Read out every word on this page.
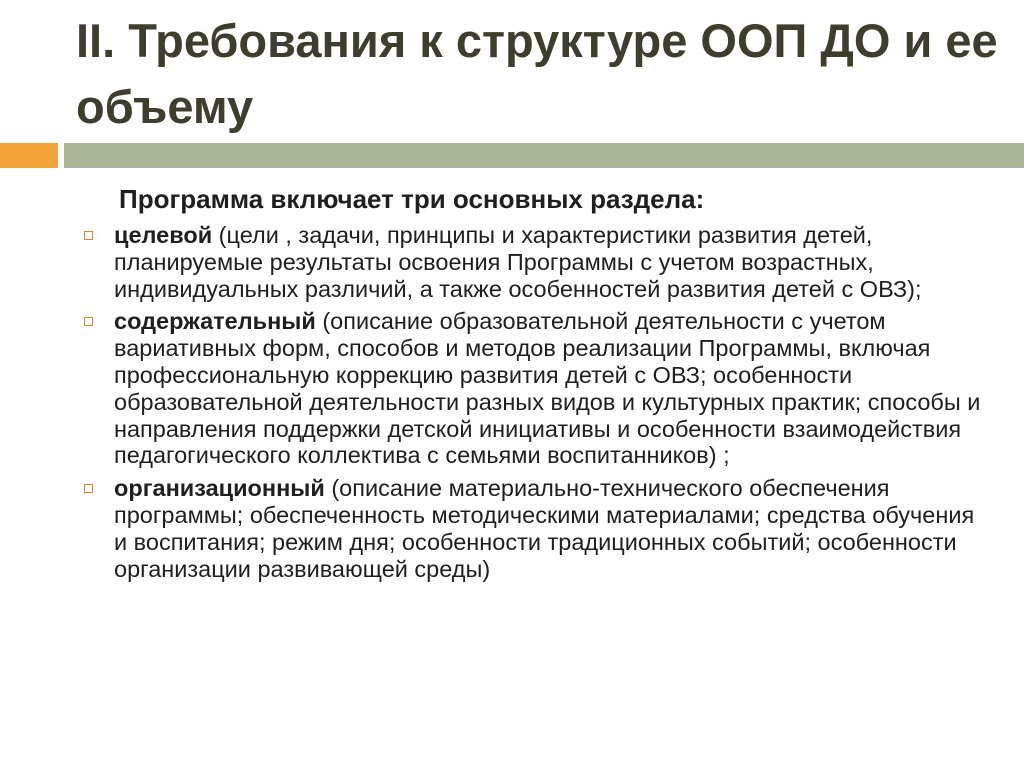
II. Требования к структуре ООП ДО и ее объему
Программа включает три основных раздела:
целевой (цели , задачи, принципы и характеристики развития детей, планируемые результаты освоения Программы с учетом возрастных, индивидуальных различий, а также особенностей развития детей с ОВЗ);
содержательный (описание образовательной деятельности с учетом вариативных форм, способов и методов реализации Программы, включая профессиональную коррекцию развития детей с ОВЗ; особенности образовательной деятельности разных видов и культурных практик; способы и направления поддержки детской инициативы и особенности взаимодействия педагогического коллектива с семьями воспитанников) ;
организационный (описание материально-технического обеспечения программы; обеспеченность методическими материалами; средства обучения и воспитания; режим дня; особенности традиционных событий; особенности организации развивающей среды)
